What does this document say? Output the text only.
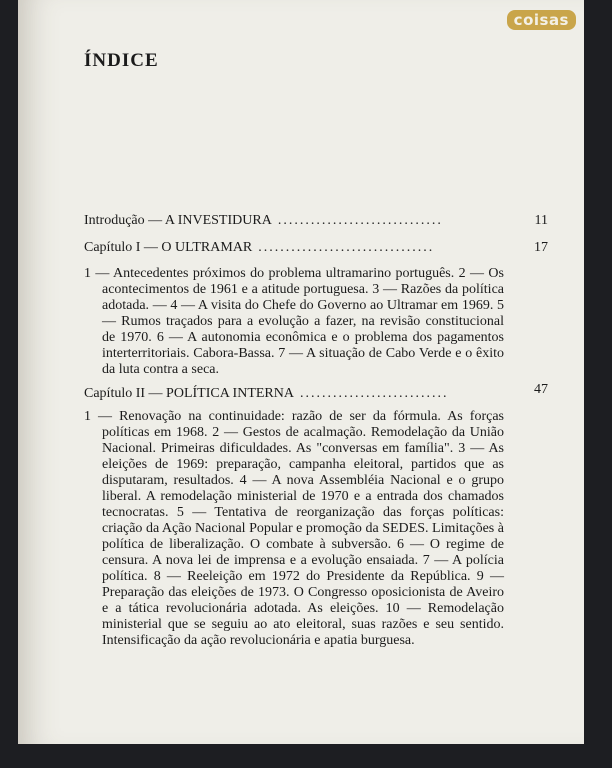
coisas
ÍNDICE
Introdução — A INVESTIDURA ..............................	11
Capítulo I — O ULTRAMAR ................................	17

1 — Antecedentes próximos do problema ultramarino português. 2 — Os acontecimentos de 1961 e a atitude portuguesa. 3 — Razões da política adotada. — 4 — A visita do Chefe do Governo ao Ultramar em 1969. 5 — Rumos traçados para a evolução a fazer, na revisão constitucional de 1970. 6 — A autonomia econômica e o problema dos pagamentos interterritoriais. Cabora-Bassa. 7 — A situação de Cabo Verde e o êxito da luta contra a seca.

Capítulo II — POLÍTICA INTERNA ...........................	47

1 — Renovação na continuidade: razão de ser da fórmula. As forças políticas em 1968. 2 — Gestos de acalmação. Remodelação da União Nacional. Primeiras dificuldades. As "conversas em família". 3 — As eleições de 1969: preparação, campanha eleitoral, partidos que as disputaram, resultados. 4 — A nova Assembléia Nacional e o grupo liberal. A remodelação ministerial de 1970 e a entrada dos chamados tecnocratas. 5 — Tentativa de reorganização das forças políticas: criação da Ação Nacional Popular e promoção da SEDES. Limitações à política de liberalização. O combate à subversão. 6 — O regime de censura. A nova lei de imprensa e a evolução ensaiada. 7 — A polícia política. 8 — Reeleição em 1972 do Presidente da República. 9 — Preparação das eleições de 1973. O Congresso oposicionista de Aveiro e a tática revolucionária adotada. As eleições. 10 — Remodelação ministerial que se seguiu ao ato eleitoral, suas razões e seu sentido. Intensificação da ação revolucionária e apatia burguesa.
